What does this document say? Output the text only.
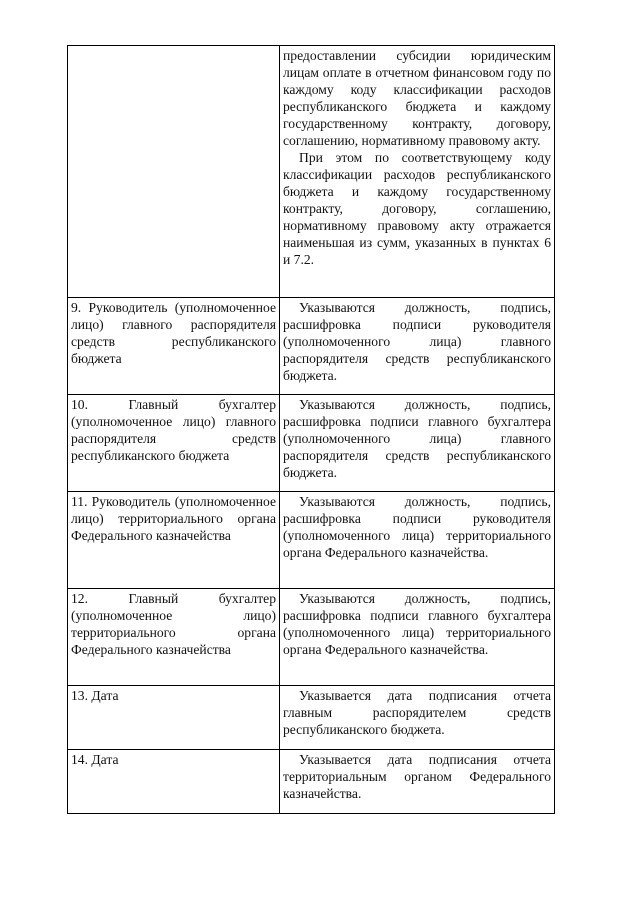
	предоставлении субсидии юридическим лицам оплате в отчетном финансовом году по каждому коду классификации расходов республиканского бюджета и каждому государственному контракту, договору, соглашению, нормативному правовому акту.

При этом по соответствующему коду классификации расходов республиканского бюджета и каждому государственному контракту, договору, соглашению, нормативному правовому акту отражается наименьшая из сумм, указанных в пунктах 6 и 7.2.

9. Руководитель (уполномоченное лицо) главного распорядителя средств республиканского бюджета	Указываются должность, подпись, расшифровка подписи руководителя (уполномоченного лица) главного распорядителя средств республиканского бюджета.

10. Главный бухгалтер (уполномоченное лицо) главного распорядителя средств республиканского бюджета	Указываются должность, подпись, расшифровка подписи главного бухгалтера (уполномоченного лица) главного распорядителя средств республиканского бюджета.

11. Руководитель (уполномоченное лицо) территориального органа Федерального казначейства	Указываются должность, подпись, расшифровка подписи руководителя (уполномоченного лица) территориального органа Федерального казначейства.

12. Главный бухгалтер (уполномоченное лицо) территориального органа Федерального казначейства	Указываются должность, подпись, расшифровка подписи главного бухгалтера (уполномоченного лица) территориального органа Федерального казначейства.

13. Дата	Указывается дата подписания отчета главным распорядителем средств республиканского бюджета.

14. Дата	Указывается дата подписания отчета территориальным органом Федерального казначейства.
